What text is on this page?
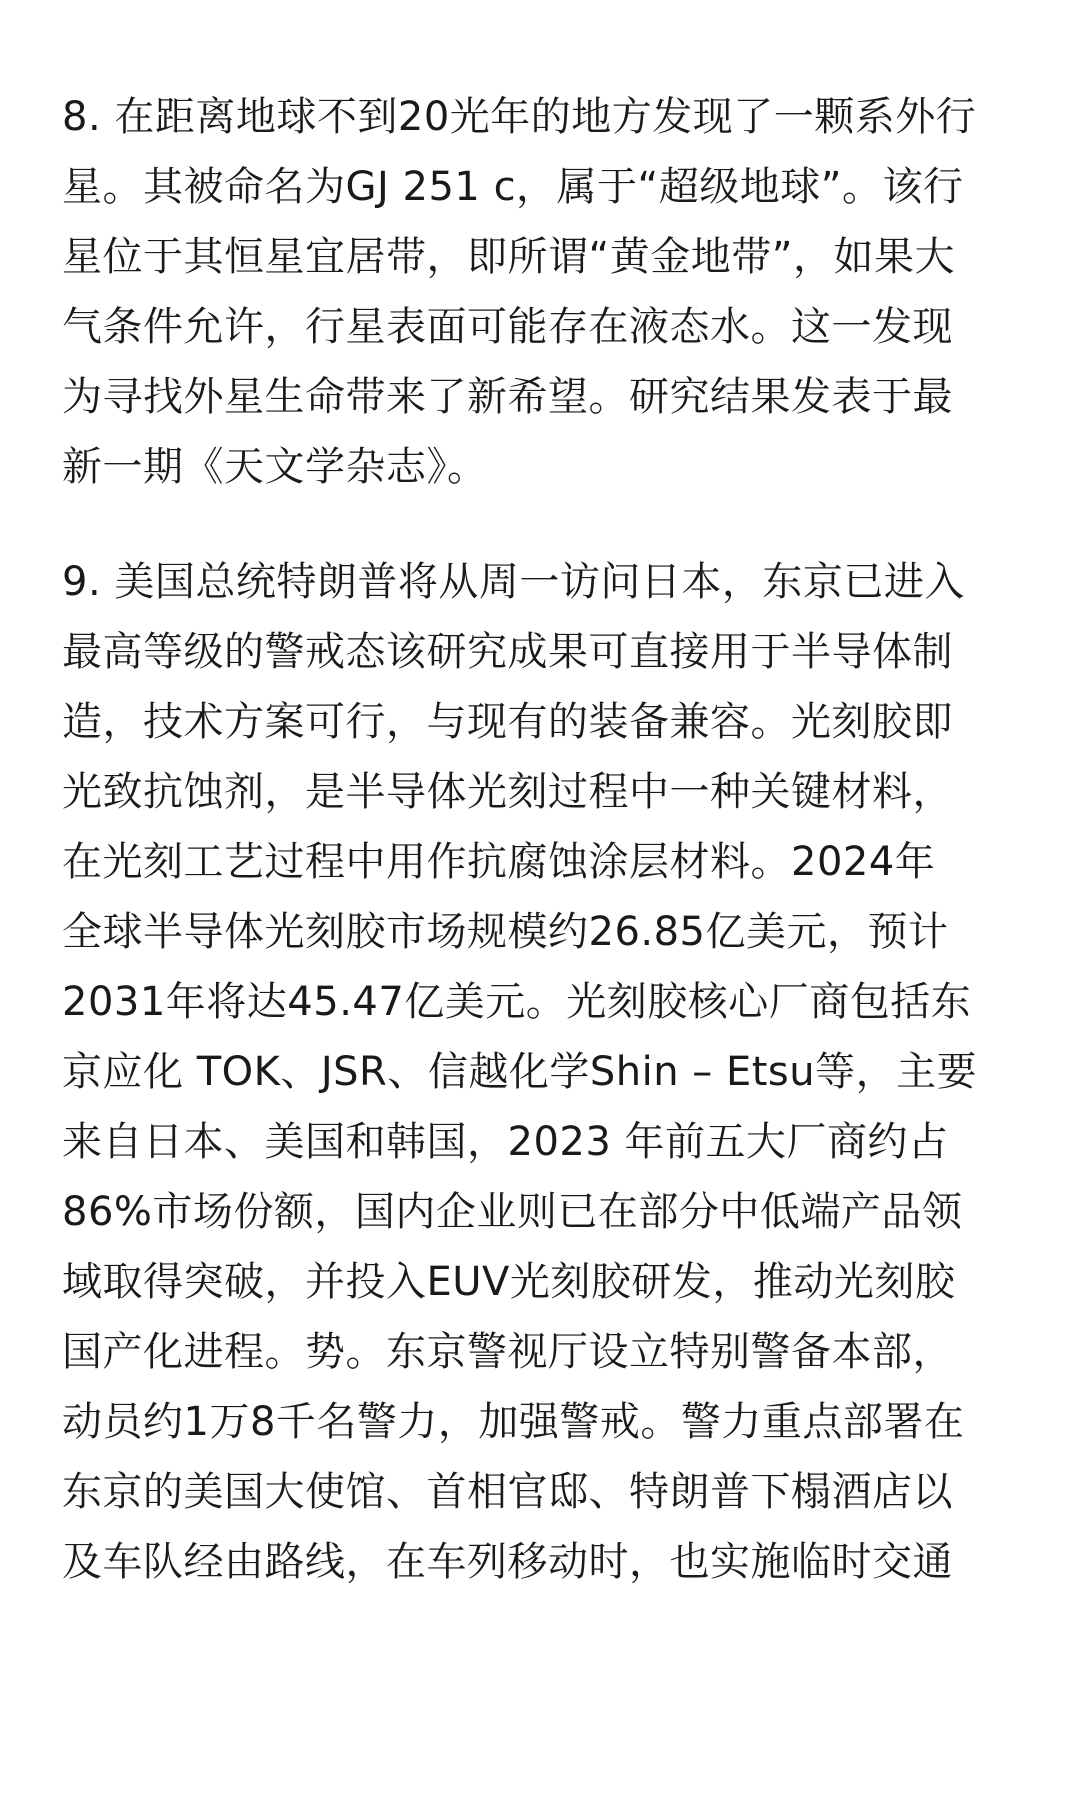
8. 在距离地球不到20光年的地方发现了一颗系外行
星。其被命名为GJ 251 c，属于“超级地球”。该行
星位于其恒星宜居带，即所谓“黄金地带”，如果大
气条件允许，行星表面可能存在液态水。这一发现
为寻找外星生命带来了新希望。研究结果发表于最
新一期《天文学杂志》。

9. 美国总统特朗普将从周一访问日本，东京已进入
最高等级的警戒态该研究成果可直接用于半导体制
造，技术方案可行，与现有的装备兼容。光刻胶即
光致抗蚀剂，是半导体光刻过程中一种关键材料，
在光刻工艺过程中用作抗腐蚀涂层材料。2024年
全球半导体光刻胶市场规模约26.85亿美元，预计
2031年将达45.47亿美元。光刻胶核心厂商包括东
京应化 TOK、JSR、信越化学Shin – Etsu等，主要
来自日本、美国和韩国，2023 年前五大厂商约占
86%市场份额，国内企业则已在部分中低端产品领
域取得突破，并投入EUV光刻胶研发，推动光刻胶
国产化进程。势。东京警视厅设立特别警备本部，
动员约1万8千名警力，加强警戒。警力重点部署在
东京的美国大使馆、首相官邸、特朗普下榻酒店以
及车队经由路线，在车列移动时，也实施临时交通
